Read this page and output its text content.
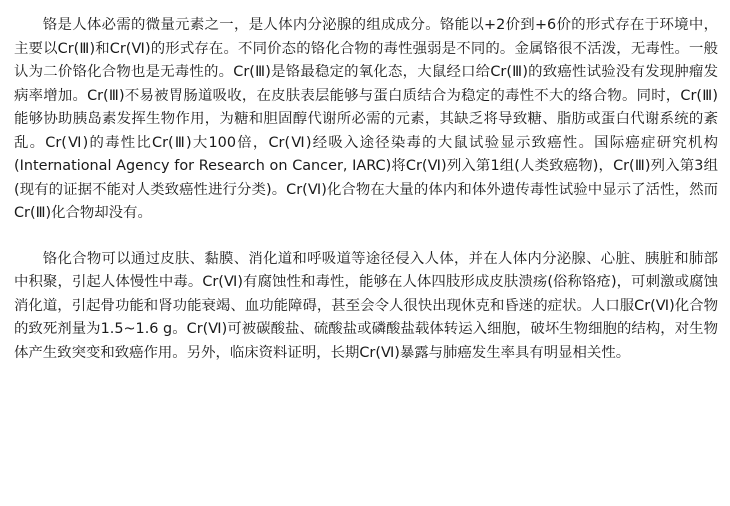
铬是人体必需的微量元素之一，是人体内分泌腺的组成成分。铬能以+2价到+6价的形式存在于环境中，主要以Cr(Ⅲ)和Cr(Ⅵ)的形式存在。不同价态的铬化合物的毒性强弱是不同的。金属铬很不活泼，无毒性。一般认为二价铬化合物也是无毒性的。Cr(Ⅲ)是铬最稳定的氧化态，大鼠经口给Cr(Ⅲ)的致癌性试验没有发现肿瘤发病率增加。Cr(Ⅲ)不易被胃肠道吸收，在皮肤表层能够与蛋白质结合为稳定的毒性不大的络合物。同时，Cr(Ⅲ)能够协助胰岛素发挥生物作用，为糖和胆固醇代谢所必需的元素，其缺乏将导致糖、脂肪或蛋白代谢系统的紊乱。Cr(Ⅵ)的毒性比Cr(Ⅲ)大100倍，Cr(Ⅵ)经吸入途径染毒的大鼠试验显示致癌性。国际癌症研究机构(International Agency for Research on Cancer, IARC)将Cr(Ⅵ)列入第1组(人类致癌物)，Cr(Ⅲ)列入第3组(现有的证据不能对人类致癌性进行分类)。Cr(Ⅵ)化合物在大量的体内和体外遗传毒性试验中显示了活性，然而Cr(Ⅲ)化合物却没有。

铬化合物可以通过皮肤、黏膜、消化道和呼吸道等途径侵入人体，并在人体内分泌腺、心脏、胰脏和肺部中积聚，引起人体慢性中毒。Cr(Ⅵ)有腐蚀性和毒性，能够在人体四肢形成皮肤溃疡(俗称铬疮)，可刺激或腐蚀消化道，引起骨功能和肾功能衰竭、血功能障碍，甚至会令人很快出现休克和昏迷的症状。人口服Cr(Ⅵ)化合物的致死剂量为1.5~1.6 g。Cr(Ⅵ)可被碳酸盐、硫酸盐或磷酸盐载体转运入细胞，破坏生物细胞的结构，对生物体产生致突变和致癌作用。另外，临床资料证明，长期Cr(Ⅵ)暴露与肺癌发生率具有明显相关性。
